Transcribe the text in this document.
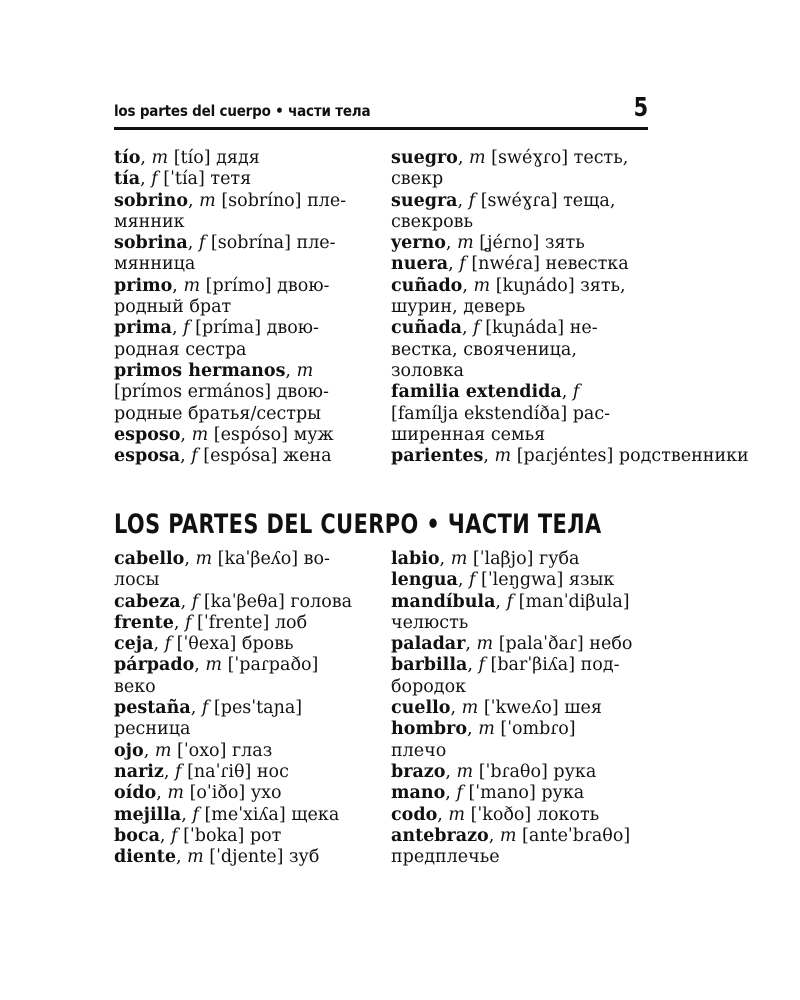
los partes del cuerpo • части тела	5
tío, m [tío] дядя
tía, f [ˈtía] тетя
sobrino, m [sobríno] пле-
мянник
sobrina, f [sobrína] пле-
мянница
primo, m [prímo] двою-
родный брат
prima, f [príma] двою-
родная сестра
primos hermanos, m
[prímos ermános] двою-
родные братья/сестры
esposo, m [espóso] муж
esposa, f [espósa] жена
suegro, m [swéɣɾo] тесть,
свекр
suegra, f [swéɣɾa] теща,
свекровь
yerno, m [ʝéɾno] зять
nuera, f [nwéɾa] невестка
cuñado, m [kuɲádo] зять,
шурин, деверь
cuñada, f [kuɲáda] не-
вестка, свояченица,
золовка
familia extendida, f
[famílja ekstendíða] рас-
ширенная семья
parientes, m [paɾjéntes] родственники
LOS PARTES DEL CUERPO • ЧАСТИ ТЕЛА
cabello, m [kaˈβeʎo] во-
лосы
cabeza, f [kaˈβeθa] голова
frente, f [ˈfrente] лоб
ceja, f [ˈθexa] бровь
párpado, m [ˈpaɾpaðo]
веко
pestaña, f [pesˈtaɲa]
ресница
ojo, m [ˈoxo] глаз
nariz, f [naˈɾiθ] нос
oído, m [oˈiðo] ухо
mejilla, f [meˈxiʎa] щека
boca, f [ˈboka] рот
diente, m [ˈdjente] зуб
labio, m [ˈlaβjo] губа
lengua, f [ˈleŋgwa] язык
mandíbula, f [manˈdiβula]
челюсть
paladar, m [palaˈðaɾ] небо
barbilla, f [barˈβiʎa] под-
бородок
cuello, m [ˈkweʎo] шея
hombro, m [ˈombɾo]
плечо
brazo, m [ˈbɾaθo] рука
mano, f [ˈmano] рука
codo, m [ˈkoðo] локоть
antebrazo, m [anteˈbɾaθo]
предплечье
